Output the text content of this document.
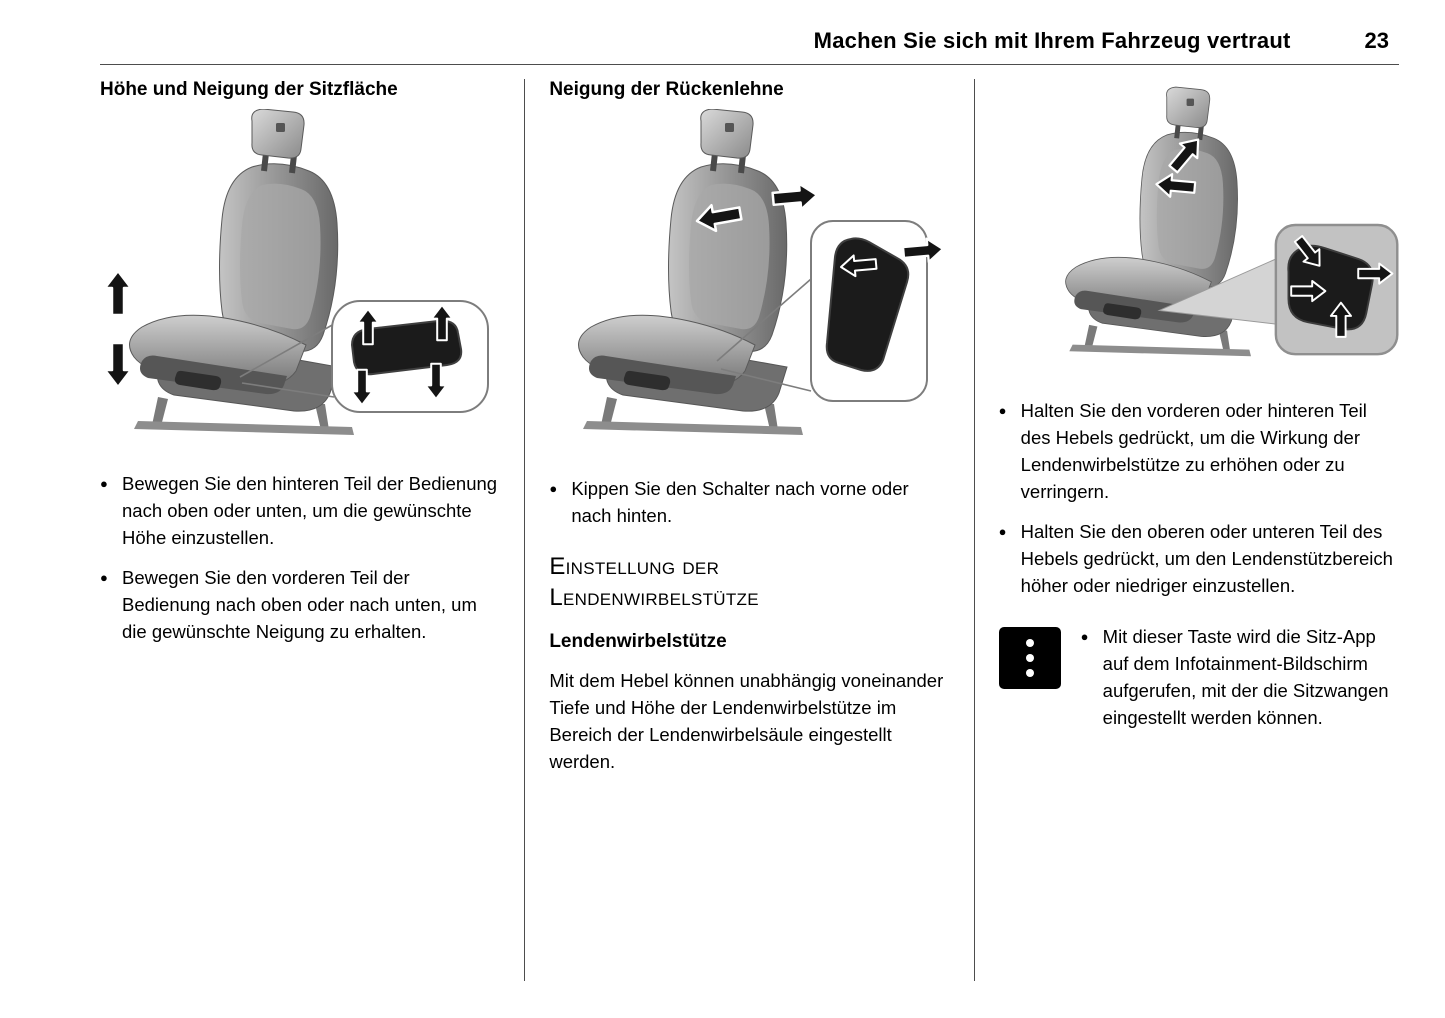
Machen Sie sich mit Ihrem Fahrzeug vertraut	23
Höhe und Neigung der Sitzfläche
● Bewegen Sie den hinteren Teil der Bedienung nach oben oder unten, um die gewünschte Höhe einzustellen.
● Bewegen Sie den vorderen Teil der Bedienung nach oben oder nach unten, um die gewünschte Neigung zu erhalten.
Neigung der Rückenlehne
● Kippen Sie den Schalter nach vorne oder nach hinten.
Einstellung der Lendenwirbelstütze
Lendenwirbelstütze

Mit dem Hebel können unabhängig voneinander Tiefe und Höhe der Lendenwirbelstütze im Bereich der Lendenwirbelsäule eingestellt werden.

● Halten Sie den vorderen oder hinteren Teil des Hebels gedrückt, um die Wirkung der Lendenwirbelstütze zu erhöhen oder zu verringern.
● Halten Sie den oberen oder unteren Teil des Hebels gedrückt, um den Lendenstützbereich höher oder niedriger einzustellen.
● Mit dieser Taste wird die Sitz-App auf dem Infotainment-Bildschirm aufgerufen, mit der die Sitzwangen eingestellt werden können.
